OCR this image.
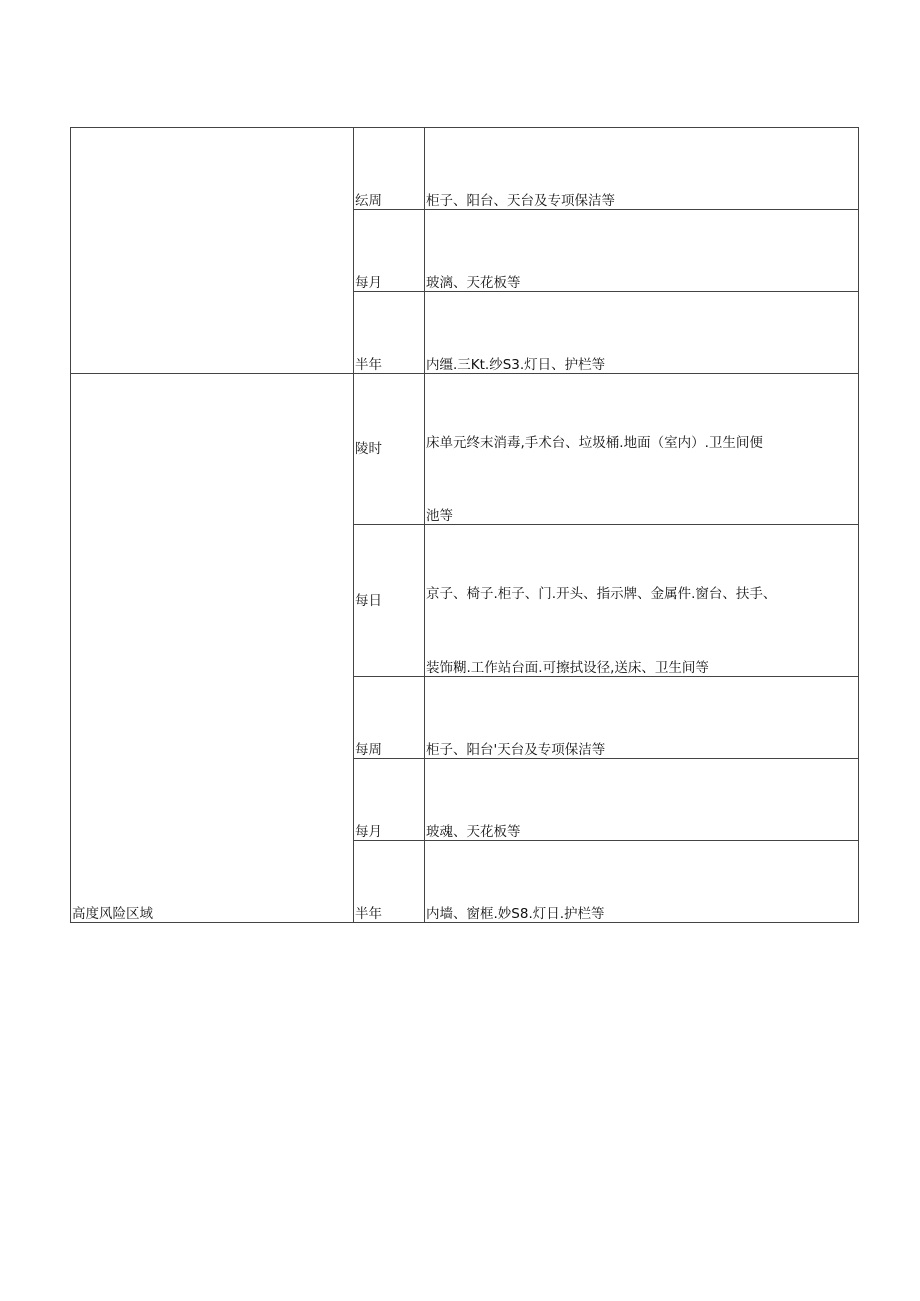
	纭周	柜子、阳台、天台及专项保洁等
	每月	玻漓、天花板等
	半年	内缰.三Kt.纱S3.灯日、护栏等
高度风险区域	陵时	床单元终末消毒,手术台、垃圾桶.地面（室内）.卫生间便
池等

	每日	京子、椅子.柜子、门.开头、指示牌、金属件.窗台、扶手、
装饰糊.工作站台面.可擦拭设径,送床、卫生间等

	每周	柜子、阳台'天台及专项保洁等
	每月	玻魂、天花板等
	半年	内墙、窗框.妙S8.灯日.护栏等
